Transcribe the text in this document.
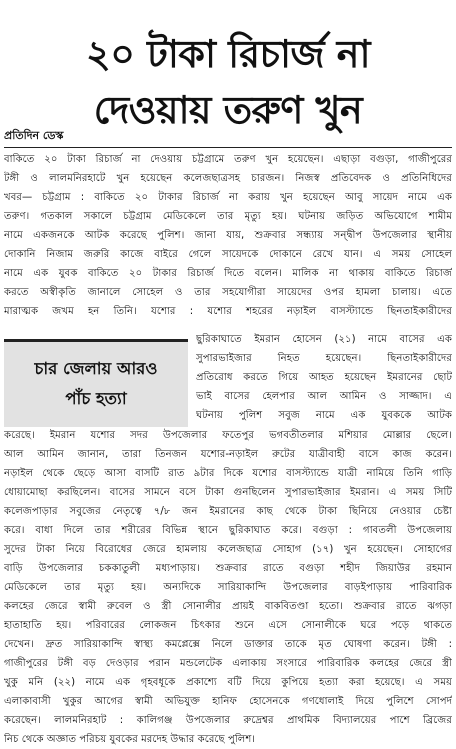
২০ টাকা রিচার্জ না
দেওয়ায় তরুণ খুন
প্রতিদিন ডেস্ক
বাকিতে ২০ টাকা রিচার্জ না দেওয়ায় চট্টগ্রামে তরুণ খুন হয়েছেন। এছাড়া বগুড়া, গাজীপুরের
টঙ্গী ও লালমনিরহাটে খুন হয়েছেন কলেজছাত্রসহ চারজন। নিজস্ব প্রতিবেদক ও প্রতিনিধিদের
খবর— চট্টগ্রাম : বাকিতে ২০ টাকার রিচার্জ না করায় খুন হয়েছেন আবু সায়েদ নামে এক
তরুণ। গতকাল সকালে চট্টগ্রাম মেডিকেলে তার মৃত্যু হয়। ঘটনায় জড়িত অভিযোগে শামীম
নামে একজনকে আটক করেছে পুলিশ। জানা যায়, শুক্রবার সন্ধ্যায় সন্দ্বীপ উপজেলার স্থানীয়
দোকানি নিজাম জরুরি কাজে বাইরে গেলে সায়েদকে দোকানে রেখে যান। এ সময় সোহেল
নামে এক যুবক বাকিতে ২০ টাকার রিচার্জ দিতে বলেন। মালিক না থাকায় বাকিতে রিচার্জ
করতে অস্বীকৃতি জানালে সোহেল ও তার সহযোগীরা সায়েদের ওপর হামলা চালায়। এতে
মারাত্মক জখম হন তিনি। যশোর : যশোর শহরের নড়াইল বাসস্ট্যান্ডে ছিনতাইকারীদের
চার জেলায় আরও
পাঁচ হত্যা
ছুরিকাঘাতে ইমরান হোসেন (২১) নামে বাসের এক
সুপারভাইজার নিহত হয়েছেন। ছিনতাইকারীদের
প্রতিরোধ করতে গিয়ে আহত হয়েছেন ইমরানের ছোট
ভাই বাসের হেলপার আল আমিন ও সাজ্জাদ। এ
ঘটনায় পুলিশ সবুজ নামে এক যুবককে আটক
করেছে। ইমরান যশোর সদর উপজেলার ফতেপুর ভগবতীতলার মশিয়ার মোল্লার ছেলে।
আল আমিন জানান, তারা তিনজন যশোর-নড়াইল রুটের যাত্রীবাহী বাসে কাজ করেন।
নড়াইল থেকে ছেড়ে আসা বাসটি রাত ৯টার দিকে যশোর বাসস্ট্যান্ডে যাত্রী নামিয়ে তিনি গাড়ি
ধোয়ামোছা করছিলেন। বাসের সামনে বসে টাকা গুনছিলেন সুপারভাইজার ইমরান। এ সময় সিটি
কলেজপাড়ার সবুজের নেতৃত্বে ৭/৮ জন ইমরানের কাছ থেকে টাকা ছিনিয়ে নেওয়ার চেষ্টা
করে। বাধা দিলে তার শরীরের বিভিন্ন স্থানে ছুরিকাঘাত করে। বগুড়া : গাবতলী উপজেলায়
সুদের টাকা নিয়ে বিরোধের জেরে হামলায় কলেজছাত্র সোহাগ (১৭) খুন হয়েছেন। সোহাগের
বাড়ি উপজেলার চককাতুলী মধ্যপাড়ায়। শুক্রবার রাতে বগুড়া শহীদ জিয়াউর রহমান
মেডিকেলে তার মৃত্যু হয়। অন্যদিকে সারিয়াকান্দি উপজেলার বাড়ইপাড়ায় পারিবারিক
কলহের জেরে স্বামী রুবেল ও স্ত্রী সোনালীর প্রায়ই বাকবিতণ্ডা হতো। শুক্রবার রাতে ঝগড়া
হাতাহাতি হয়। পরিবারের লোকজন চিৎকার শুনে এসে সোনালীকে ঘরে পড়ে থাকতে
দেখেন। দ্রুত সারিয়াকান্দি স্বাস্থ্য কমপ্লেক্সে নিলে ডাক্তার তাকে মৃত ঘোষণা করেন। টঙ্গী :
গাজীপুরের টঙ্গী বড় দেওড়ার পরান মন্ডলেটেক এলাকায় সংসারে পারিবারিক কলহের জেরে স্ত্রী
খুকু মনি (২২) নামে এক গৃহবধূকে প্রকাশ্যে বটি দিয়ে কুপিয়ে হত্যা করা হয়েছে। এ সময়
এলাকাবাসী খুকুর আগের স্বামী অভিযুক্ত হানিফ হোসেনকে গণধোলাই দিয়ে পুলিশে সোপর্দ
করেছেন। লালমনিরহাট : কালিগঞ্জ উপজেলার রুদ্রেশ্বর প্রাথমিক বিদ্যালয়ের পাশে ব্রিজের
নিচ থেকে অজ্ঞাত পরিচয় যুবকের মরদেহ উদ্ধার করেছে পুলিশ।
